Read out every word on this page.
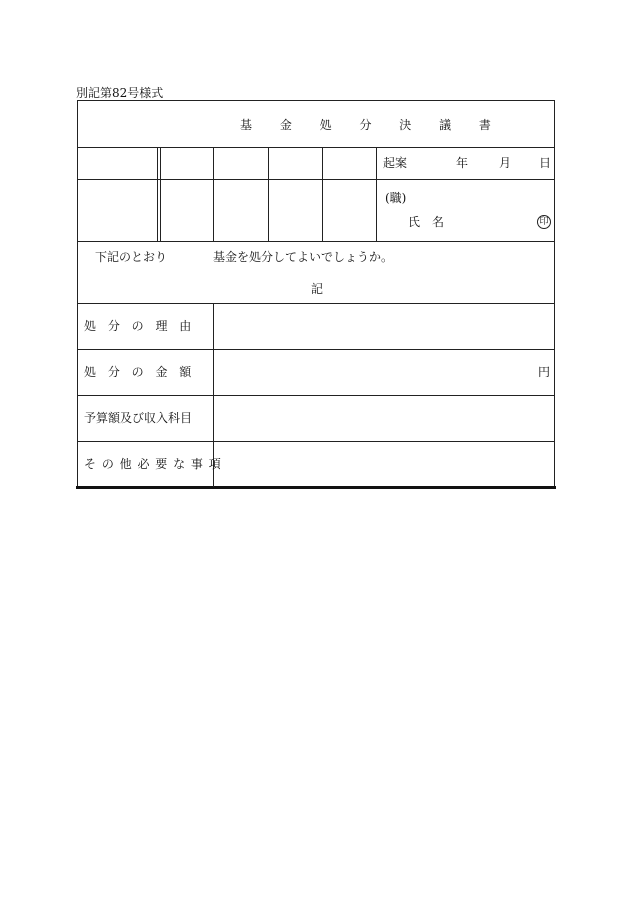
別記第82号様式
基 金 処 分 決 議 書
起案	年	月 日
(職)
氏　名	印
下記のとおり	基金を処分してよいでしょうか。
記
処 分 の 理 由
処 分 の 金 額	円
予算額及び収入科目
そ の 他 必 要 な 事 項
